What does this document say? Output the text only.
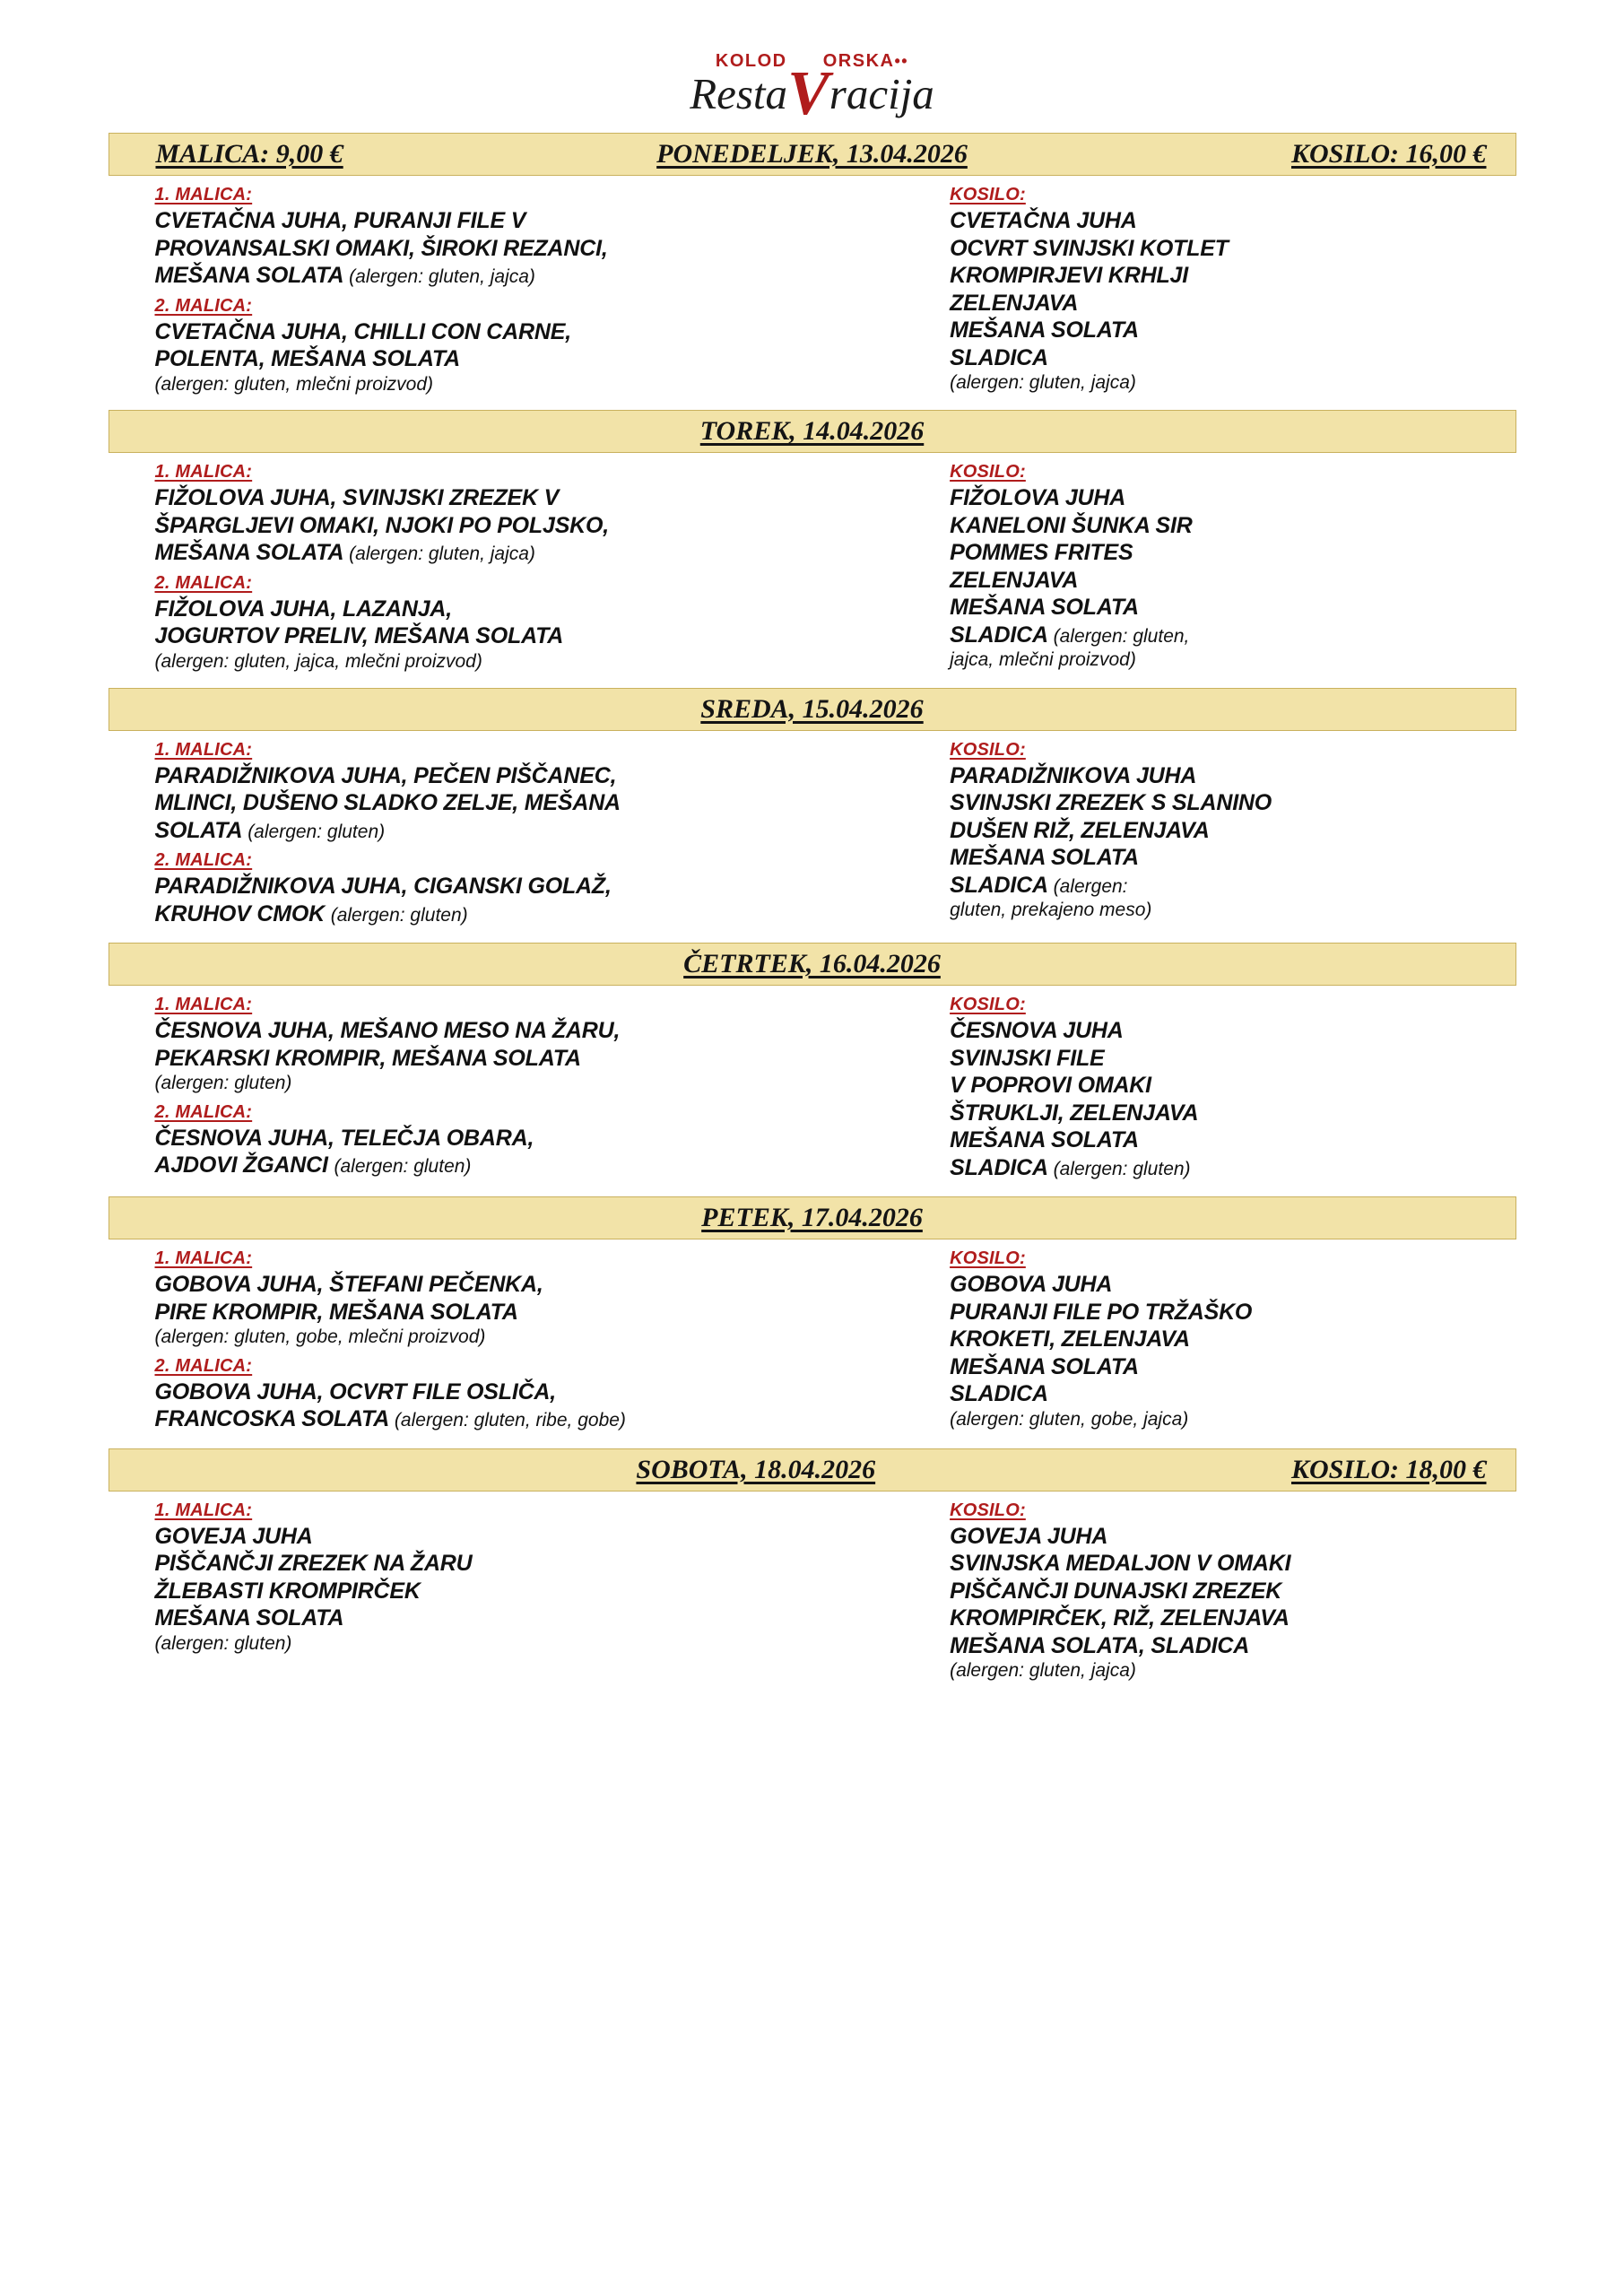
KOLOD ORSKA••
RestaVracija
MALICA: 9,00 €	PONEDELJEK, 13.04.2026	KOSILO: 16,00 €
1. MALICA:
CVETAČNA JUHA, PURANJI FILE V
PROVANSALSKI OMAKI, ŠIROKI REZANCI,
MEŠANA SOLATA (alergen: gluten, jajca)
2. MALICA:
CVETAČNA JUHA, CHILLI CON CARNE,
POLENTA, MEŠANA SOLATA
(alergen: gluten, mlečni proizvod)
KOSILO:
CVETAČNA JUHA
OCVRT SVINJSKI KOTLET
KROMPIRJEVI KRHLJI
ZELENJAVA
MEŠANA SOLATA
SLADICA
(alergen: gluten, jajca)
TOREK, 14.04.2026
1. MALICA:
FIŽOLOVA JUHA, SVINJSKI ZREZEK V
ŠPARGLJEVI OMAKI, NJOKI PO POLJSKO,
MEŠANA SOLATA (alergen: gluten, jajca)
2. MALICA:
FIŽOLOVA JUHA, LAZANJA,
JOGURTOV PRELIV, MEŠANA SOLATA
(alergen: gluten, jajca, mlečni proizvod)
KOSILO:
FIŽOLOVA JUHA
KANELONI ŠUNKA SIR
POMMES FRITES
ZELENJAVA
MEŠANA SOLATA
SLADICA (alergen: gluten,
jajca, mlečni proizvod)
SREDA, 15.04.2026
1. MALICA:
PARADIŽNIKOVA JUHA, PEČEN PIŠČANEC,
MLINCI, DUŠENO SLADKO ZELJE, MEŠANA
SOLATA (alergen: gluten)
2. MALICA:
PARADIŽNIKOVA JUHA, CIGANSKI GOLAŽ,
KRUHOV CMOK (alergen: gluten)
KOSILO:
PARADIŽNIKOVA JUHA
SVINJSKI ZREZEK S SLANINO
DUŠEN RIŽ, ZELENJAVA
MEŠANA SOLATA
SLADICA (alergen:
gluten, prekajeno meso)
ČETRTEK, 16.04.2026
1. MALICA:
ČESNOVA JUHA, MEŠANO MESO NA ŽARU,
PEKARSKI KROMPIR, MEŠANA SOLATA
(alergen: gluten)
2. MALICA:
ČESNOVA JUHA, TELEČJA OBARA,
AJDOVI ŽGANCI (alergen: gluten)
KOSILO:
ČESNOVA JUHA
SVINJSKI FILE
V POPROVI OMAKI
ŠTRUKLJI, ZELENJAVA
MEŠANA SOLATA
SLADICA (alergen: gluten)
PETEK, 17.04.2026
1. MALICA:
GOBOVA JUHA, ŠTEFANI PEČENKA,
PIRE KROMPIR, MEŠANA SOLATA
(alergen: gluten, gobe, mlečni proizvod)
2. MALICA:
GOBOVA JUHA, OCVRT FILE OSLIČA,
FRANCOSKA SOLATA (alergen: gluten, ribe, gobe)
KOSILO:
GOBOVA JUHA
PURANJI FILE PO TRŽAŠKO
KROKETI, ZELENJAVA
MEŠANA SOLATA
SLADICA
(alergen: gluten, gobe, jajca)
SOBOTA, 18.04.2026	KOSILO: 18,00 €
1. MALICA:
GOVEJA JUHA
PIŠČANČJI ZREZEK NA ŽARU
ŽLEBASTI KROMPIRČEK
MEŠANA SOLATA
(alergen: gluten)
KOSILO:
GOVEJA JUHA
SVINJSKA MEDALJON V OMAKI
PIŠČANČJI DUNAJSKI ZREZEK
KROMPIRČEK, RIŽ, ZELENJAVA
MEŠANA SOLATA, SLADICA
(alergen: gluten, jajca)
